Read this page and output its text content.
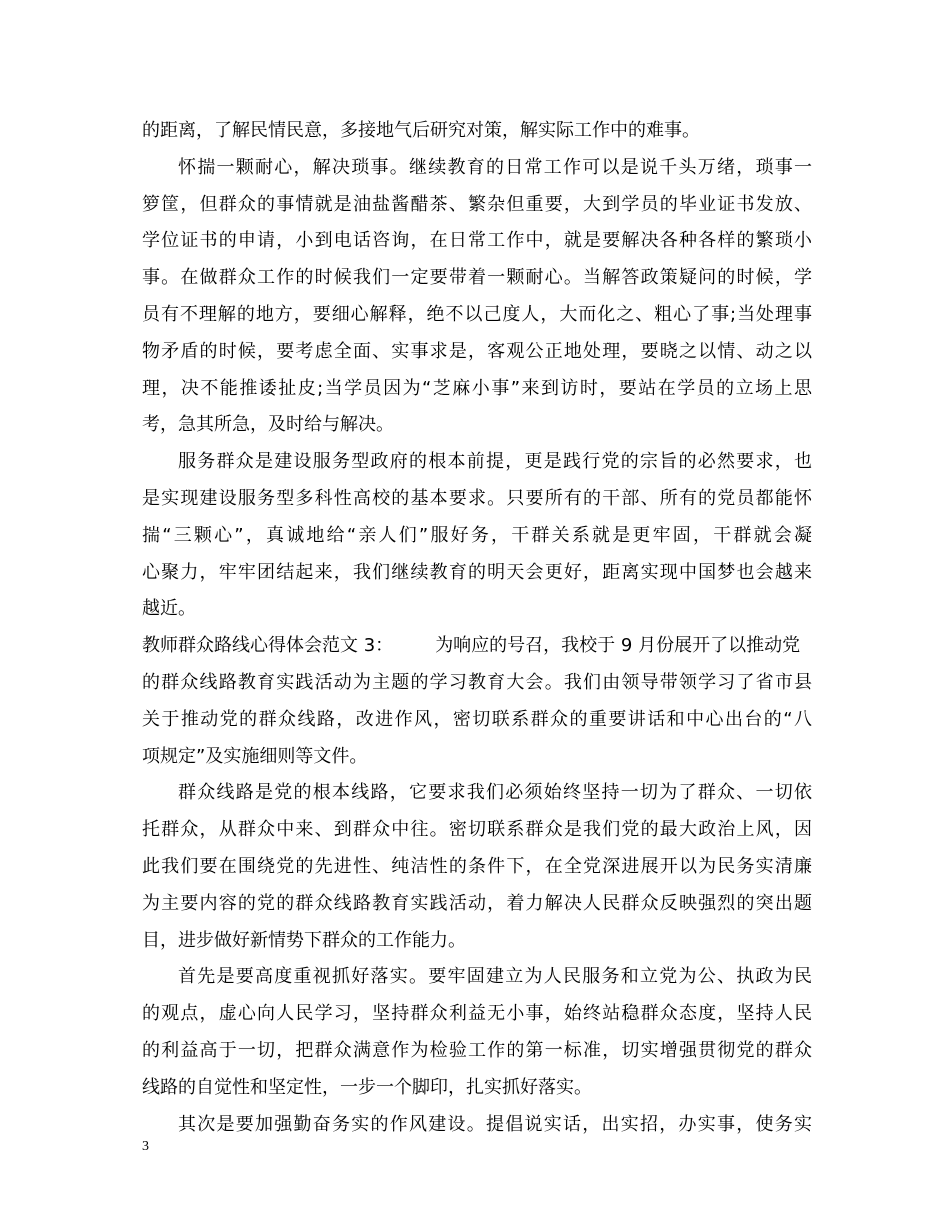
的距离，了解民情民意，多接地气后研究对策，解实际工作中的难事。
怀揣一颗耐心，解决琐事。继续教育的日常工作可以是说千头万绪，琐事一
箩筐，但群众的事情就是油盐酱醋茶、繁杂但重要，大到学员的毕业证书发放、
学位证书的申请，小到电话咨询，在日常工作中，就是要解决各种各样的繁琐小
事。在做群众工作的时候我们一定要带着一颗耐心。当解答政策疑问的时候，学
员有不理解的地方，要细心解释，绝不以己度人，大而化之、粗心了事;当处理事
物矛盾的时候，要考虑全面、实事求是，客观公正地处理，要晓之以情、动之以
理，决不能推诿扯皮;当学员因为“芝麻小事”来到访时，要站在学员的立场上思
考，急其所急，及时给与解决。
服务群众是建设服务型政府的根本前提，更是践行党的宗旨的必然要求，也
是实现建设服务型多科性高校的基本要求。只要所有的干部、所有的党员都能怀
揣“三颗心”，真诚地给“亲人们”服好务，干群关系就是更牢固，干群就会凝
心聚力，牢牢团结起来，我们继续教育的明天会更好，距离实现中国梦也会越来
越近。
教师群众路线心得体会范文 3： 为响应的号召，我校于 9 月份展开了以推动党
的群众线路教育实践活动为主题的学习教育大会。我们由领导带领学习了省市县
关于推动党的群众线路，改进作风，密切联系群众的重要讲话和中心出台的“八
项规定”及实施细则等文件。
群众线路是党的根本线路，它要求我们必须始终坚持一切为了群众、一切依
托群众，从群众中来、到群众中往。密切联系群众是我们党的最大政治上风，因
此我们要在围绕党的先进性、纯洁性的条件下，在全党深进展开以为民务实清廉
为主要内容的党的群众线路教育实践活动，着力解决人民群众反映强烈的突出题
目，进步做好新情势下群众的工作能力。
首先是要高度重视抓好落实。要牢固建立为人民服务和立党为公、执政为民
的观点，虚心向人民学习，坚持群众利益无小事，始终站稳群众态度，坚持人民
的利益高于一切，把群众满意作为检验工作的第一标准，切实增强贯彻党的群众
线路的自觉性和坚定性，一步一个脚印，扎实抓好落实。
其次是要加强勤奋务实的作风建设。提倡说实话，出实招，办实事，使务实
3
